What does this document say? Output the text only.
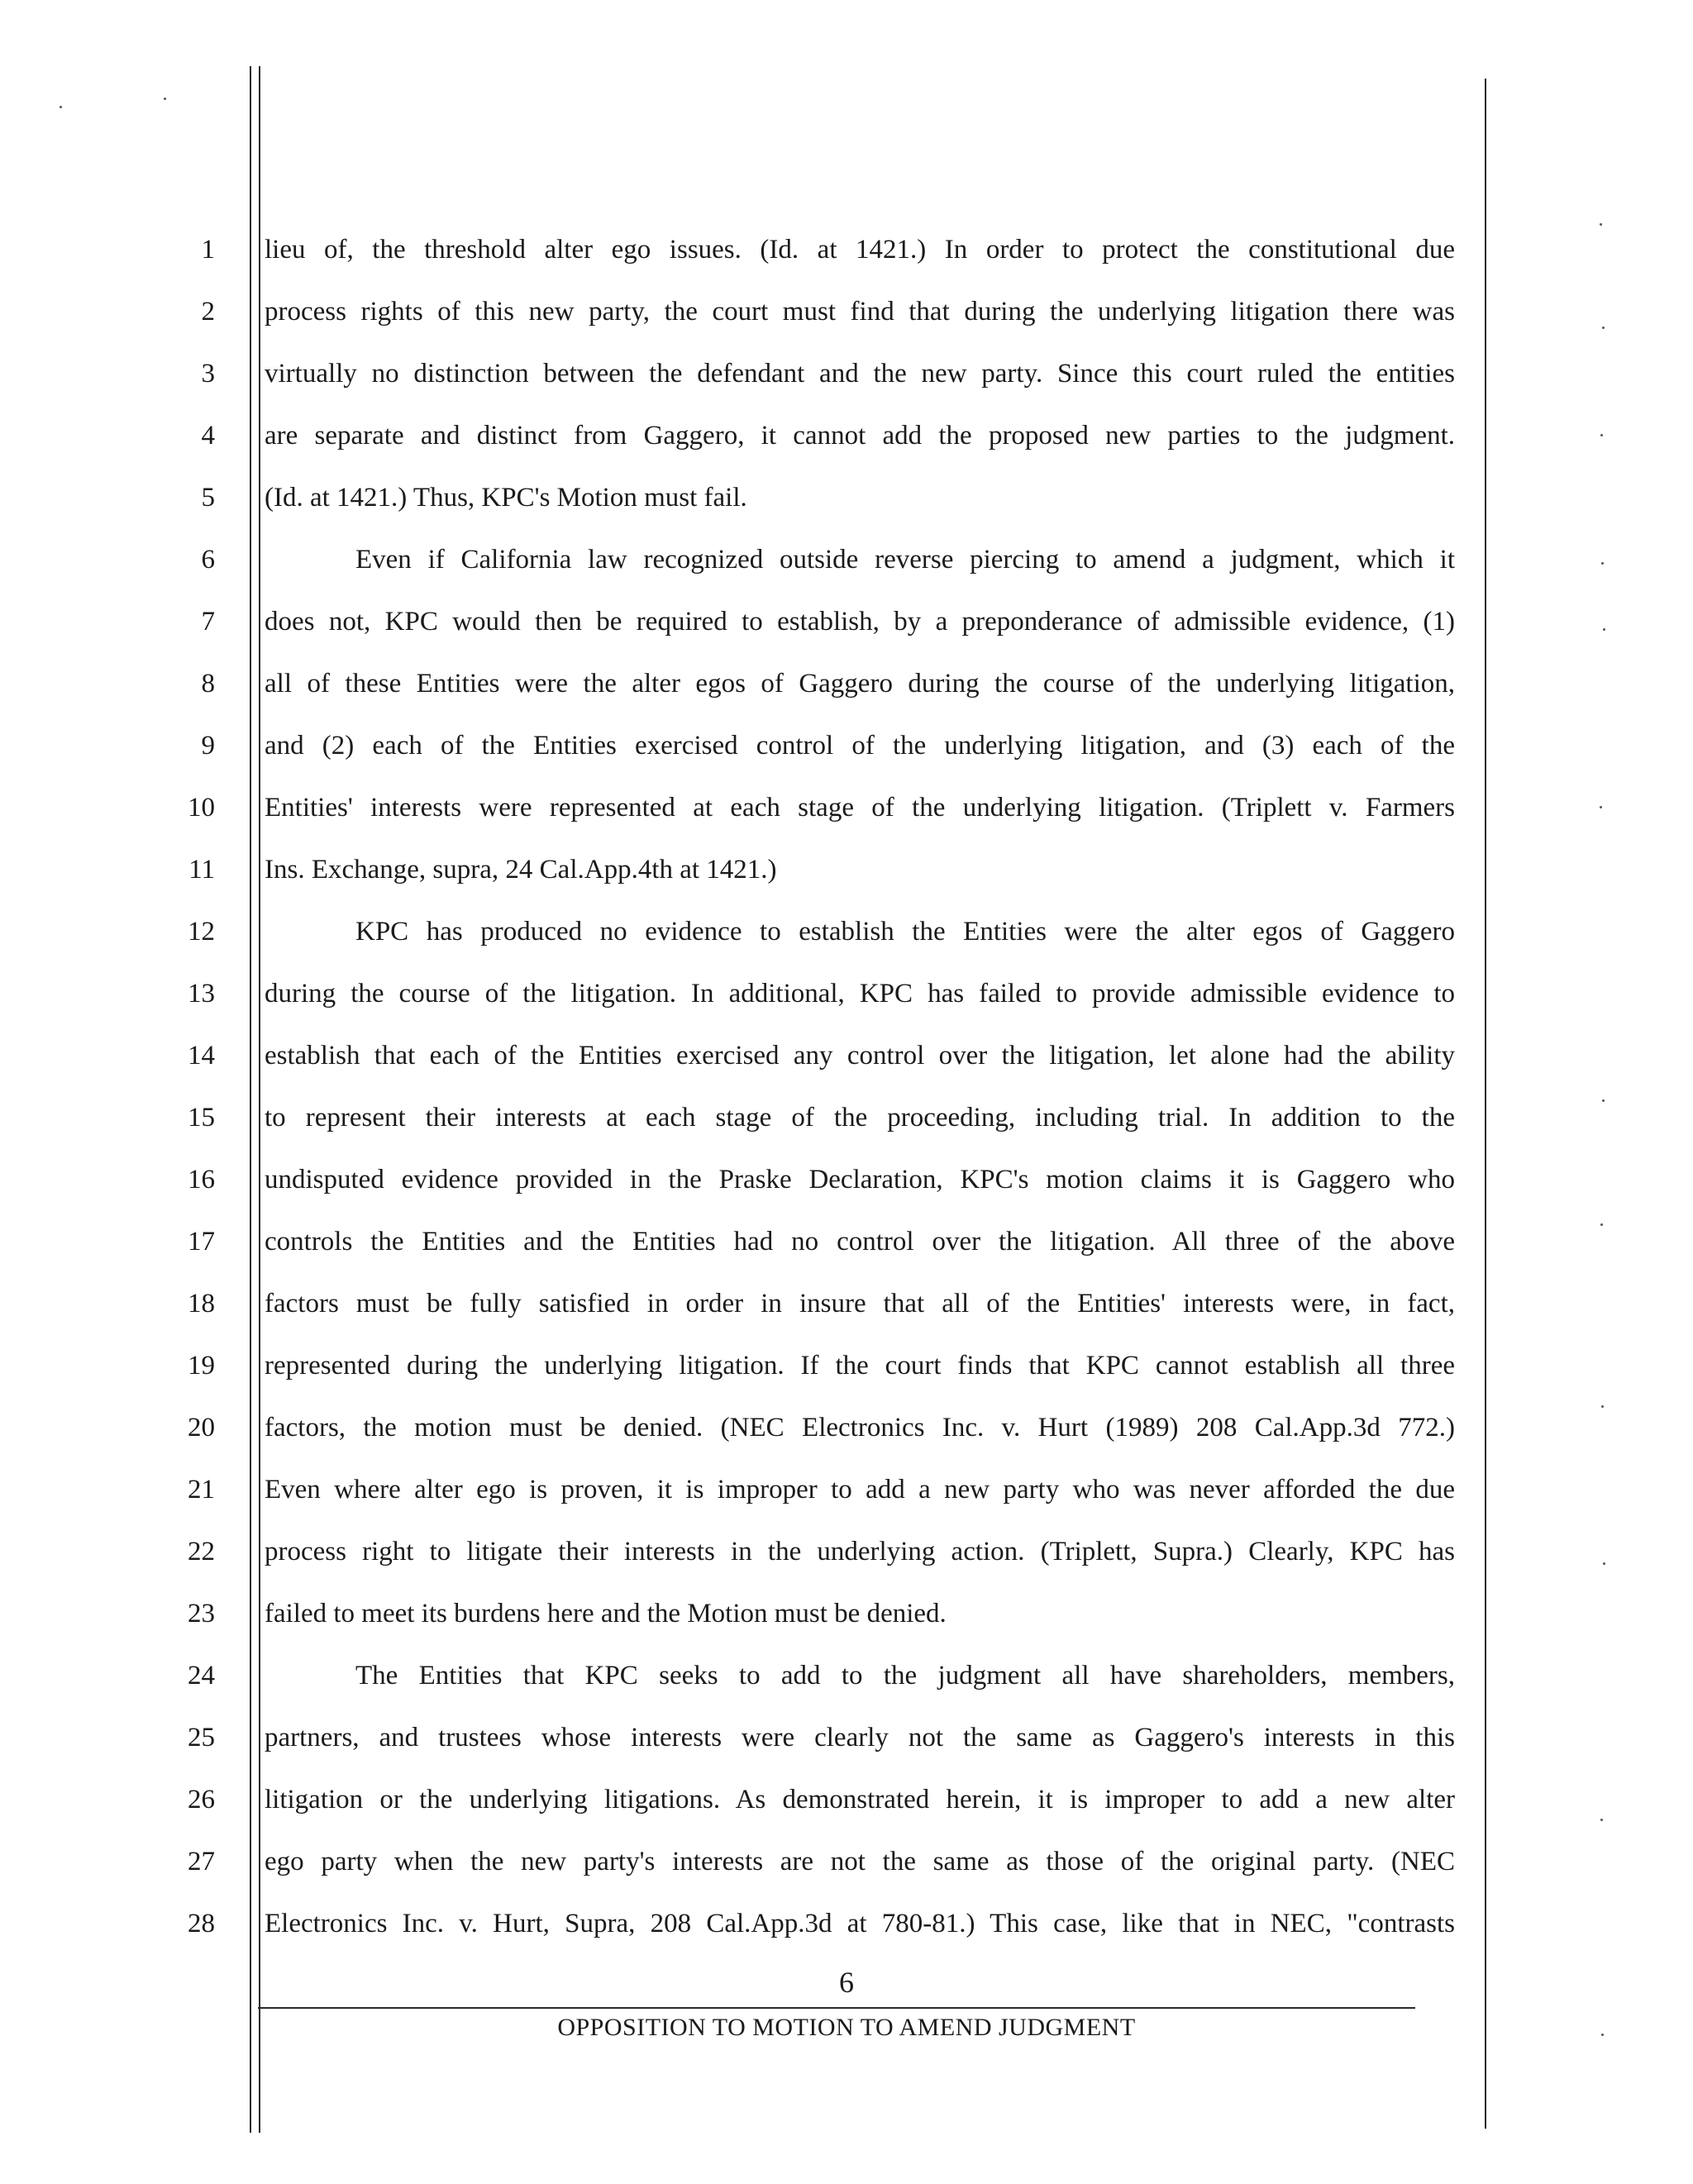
1
2
3
4
5
6
7
8
9
10
11
12
13
14
15
16
17
18
19
20
21
22
23
24
25
26
27
28
lieu of, the threshold alter ego issues. (Id. at 1421.) In order to protect the constitutional due
process rights of this new party, the court must find that during the underlying litigation there was
virtually no distinction between the defendant and the new party. Since this court ruled the entities
are separate and distinct from Gaggero, it cannot add the proposed new parties to the judgment.
(Id. at 1421.) Thus, KPC's Motion must fail.
Even if California law recognized outside reverse piercing to amend a judgment, which it
does not, KPC would then be required to establish, by a preponderance of admissible evidence, (1)
all of these Entities were the alter egos of Gaggero during the course of the underlying litigation,
and (2) each of the Entities exercised control of the underlying litigation, and (3) each of the
Entities' interests were represented at each stage of the underlying litigation. (Triplett v. Farmers
Ins. Exchange, supra, 24 Cal.App.4th at 1421.)
KPC has produced no evidence to establish the Entities were the alter egos of Gaggero
during the course of the litigation. In additional, KPC has failed to provide admissible evidence to
establish that each of the Entities exercised any control over the litigation, let alone had the ability
to represent their interests at each stage of the proceeding, including trial. In addition to the
undisputed evidence provided in the Praske Declaration, KPC's motion claims it is Gaggero who
controls the Entities and the Entities had no control over the litigation. All three of the above
factors must be fully satisfied in order in insure that all of the Entities' interests were, in fact,
represented during the underlying litigation. If the court finds that KPC cannot establish all three
factors, the motion must be denied. (NEC Electronics Inc. v. Hurt (1989) 208 Cal.App.3d 772.)
Even where alter ego is proven, it is improper to add a new party who was never afforded the due
process right to litigate their interests in the underlying action. (Triplett, Supra.) Clearly, KPC has
failed to meet its burdens here and the Motion must be denied.
The Entities that KPC seeks to add to the judgment all have shareholders, members,
partners, and trustees whose interests were clearly not the same as Gaggero's interests in this
litigation or the underlying litigations. As demonstrated herein, it is improper to add a new alter
ego party when the new party's interests are not the same as those of the original party. (NEC
Electronics Inc. v. Hurt, Supra, 208 Cal.App.3d at 780-81.) This case, like that in NEC, "contrasts
6
OPPOSITION TO MOTION TO AMEND JUDGMENT
